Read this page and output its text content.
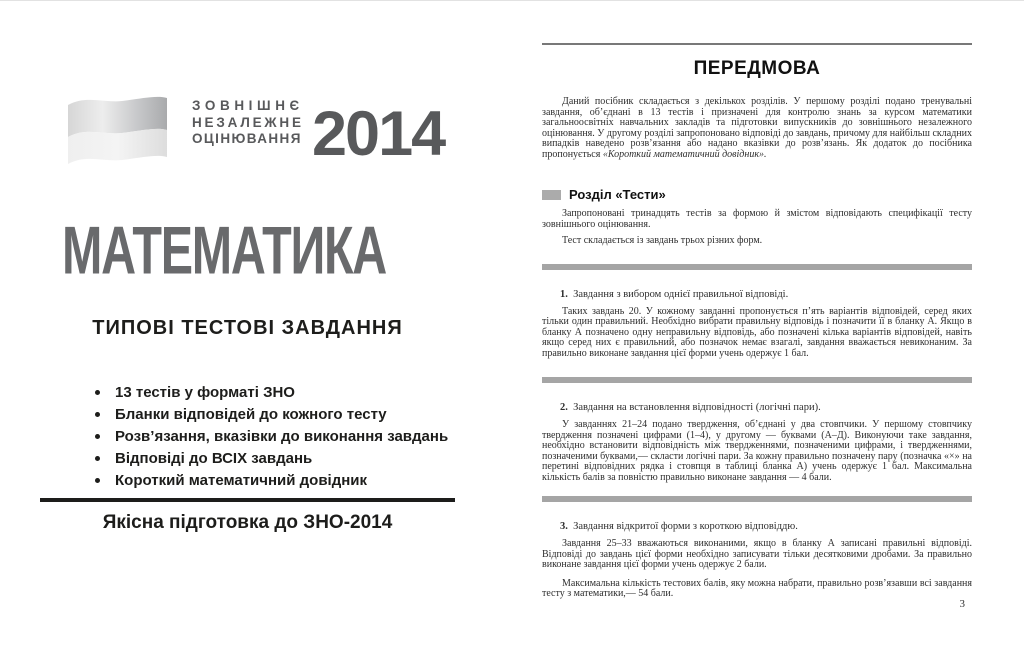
ЗОВНІШНЄ
НЕЗАЛЕЖНЕ
ОЦІНЮВАННЯ 2014
МАТЕМАТИКА
ТИПОВІ ТЕСТОВІ ЗАВДАННЯ
13 тестів у форматі ЗНО
Бланки відповідей до кожного тесту
Розв’язання, вказівки до виконання завдань
Відповіді до ВСІХ завдань
Короткий математичний довідник
Якісна підготовка до ЗНО-2014
ПЕРЕДМОВА

Даний посібник складається з декількох розділів. У першому розділі подано тренувальні завдання, об’єднані в 13 тестів і призначені для контролю знань за курсом математики загальноосвітніх навчальних закладів та підготовки випускників до зовнішнього незалежного оцінювання. У другому розділі запропоновано відповіді до завдань, причому для найбільш складних випадків наведено розв’язання або надано вказівки до розв’язань. Як додаток до посібника пропонується «Короткий математичний довідник».

Розділ «Тести»

Запропоновані тринадцять тестів за формою й змістом відповідають специфікації тесту зовнішнього оцінювання.

Тест складається із завдань трьох різних форм.

1. Завдання з вибором однієї правильної відповіді.

Таких завдань 20. У кожному завданні пропонується п’ять варіантів відповідей, серед яких тільки один правильний. Необхідно вибрати правильну відповідь і позначити її в бланку А. Якщо в бланку А позначено одну неправильну відповідь, або позначені кілька варіантів відповідей, навіть якщо серед них є правильний, або позначок немає взагалі, завдання вважається невиконаним. За правильно виконане завдання цієї форми учень одержує 1 бал.

2. Завдання на встановлення відповідності (логічні пари).

У завданнях 21–24 подано твердження, об’єднані у два стовпчики. У першому стовпчику твердження позначені цифрами (1–4), у другому — буквами (А–Д). Виконуючи таке завдання, необхідно встановити відповідність між твердженнями, позначеними цифрами, і твердженнями, позначеними буквами,— скласти логічні пари. За кожну правильно позначену пару (позначка «×» на перетині відповідних рядка і стовпця в таблиці бланка А) учень одержує 1 бал. Максимальна кількість балів за повністю правильно виконане завдання — 4 бали.

3. Завдання відкритої форми з короткою відповіддю.

Завдання 25–33 вважаються виконаними, якщо в бланку А записані правильні відповіді. Відповіді до завдань цієї форми необхідно записувати тільки десятковими дробами. За правильно виконане завдання цієї форми учень одержує 2 бали.

Максимальна кількість тестових балів, яку можна набрати, правильно розв’язавши всі завдання тесту з математики,— 54 бали.

3
